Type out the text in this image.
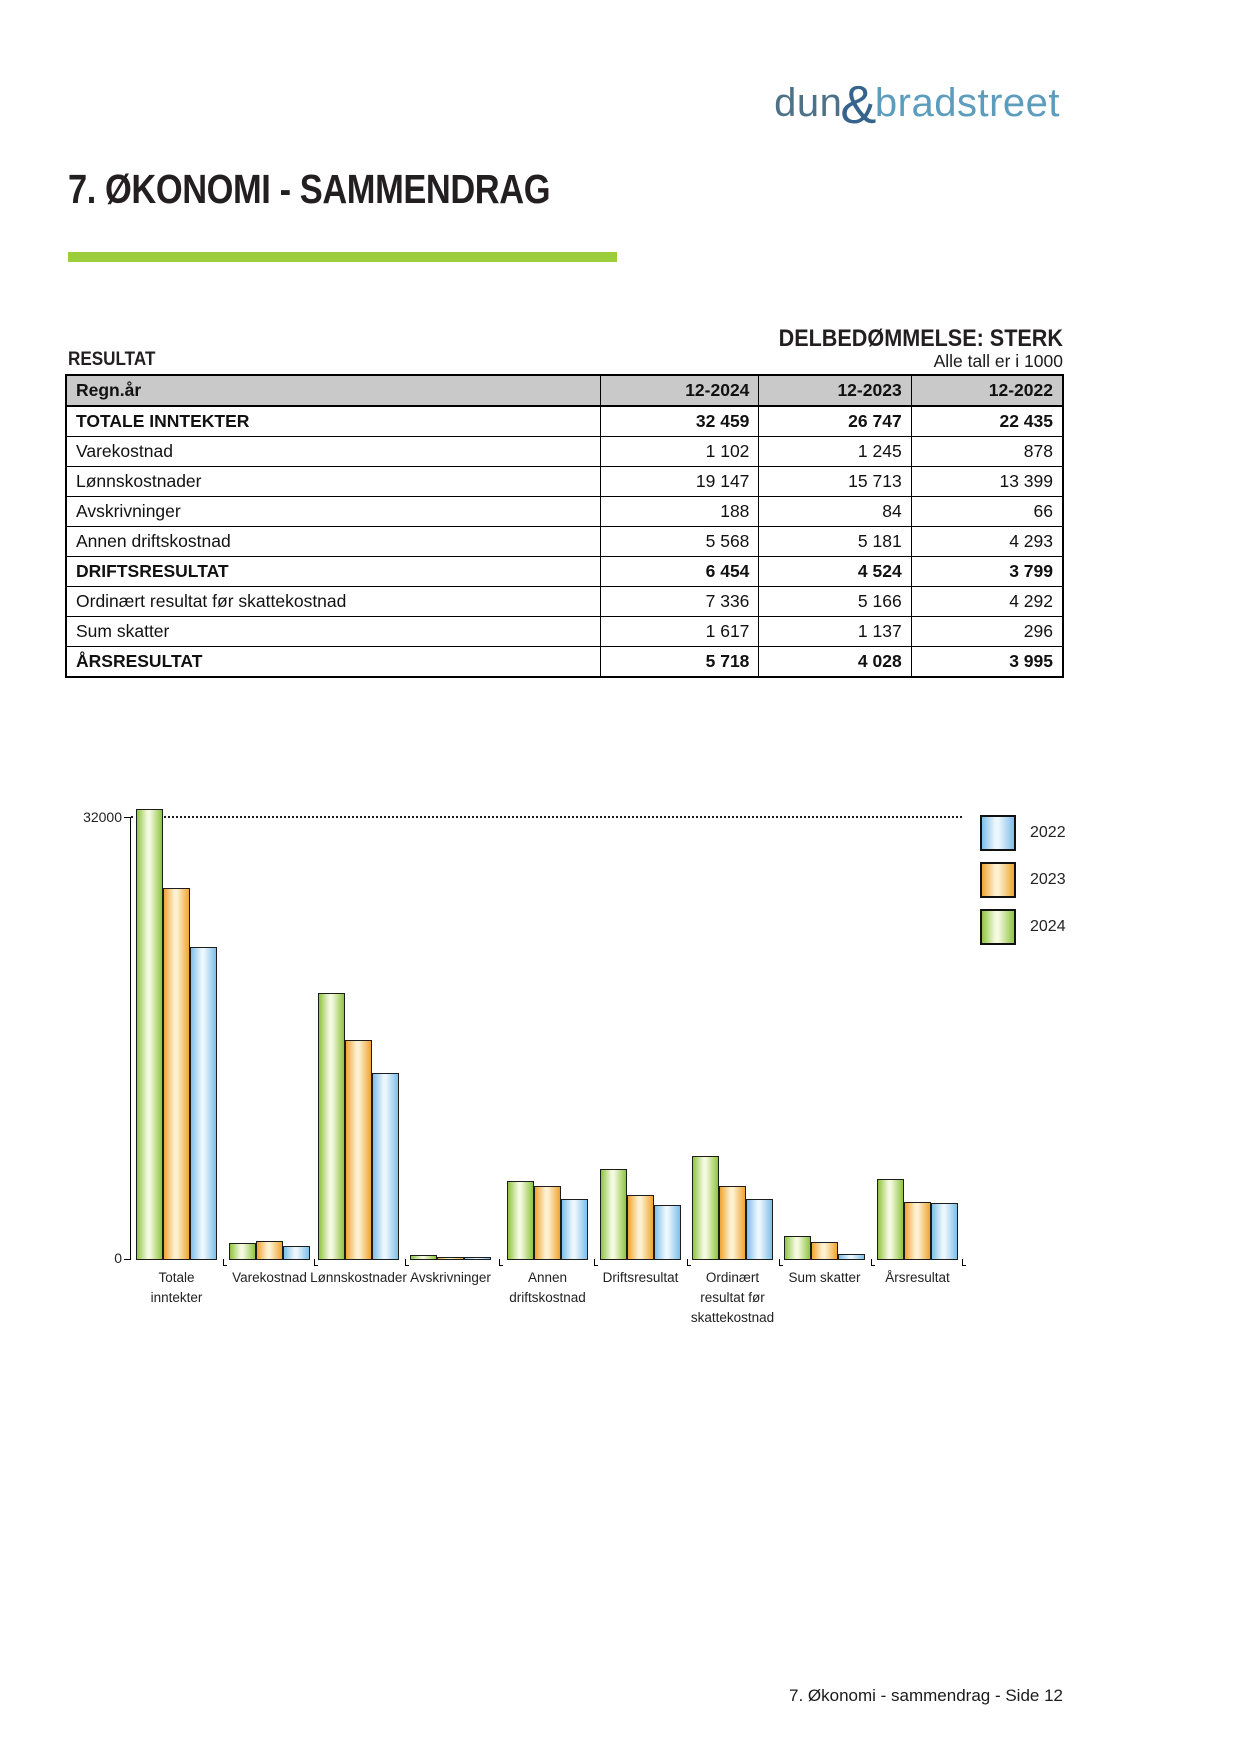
dun&bradstreet
7. ØKONOMI - SAMMENDRAG
DELBEDØMMELSE: STERK
RESULTAT	Alle tall er i 1000
Regn.år	12-2024	12-2023	12-2022
TOTALE INNTEKTER	32 459	26 747	22 435
Varekostnad	1 102	1 245	878
Lønnskostnader	19 147	15 713	13 399
Avskrivninger	188	84	66
Annen driftskostnad	5 568	5 181	4 293
DRIFTSRESULTAT	6 454	4 524	3 799
Ordinært resultat før skattekostnad	7 336	5 166	4 292
Sum skatter	1 617	1 137	296
ÅRSRESULTAT	5 718	4 028	3 995
32000
0
Totale
inntekter
Varekostnad Lønnskostnader Avskrivninger	Annen
driftskostnad
Driftsresultat	Ordinært
resultat før
skattekostnad
Sum skatter	Årsresultat
2022
2023
2024
7. Økonomi - sammendrag - Side 12
